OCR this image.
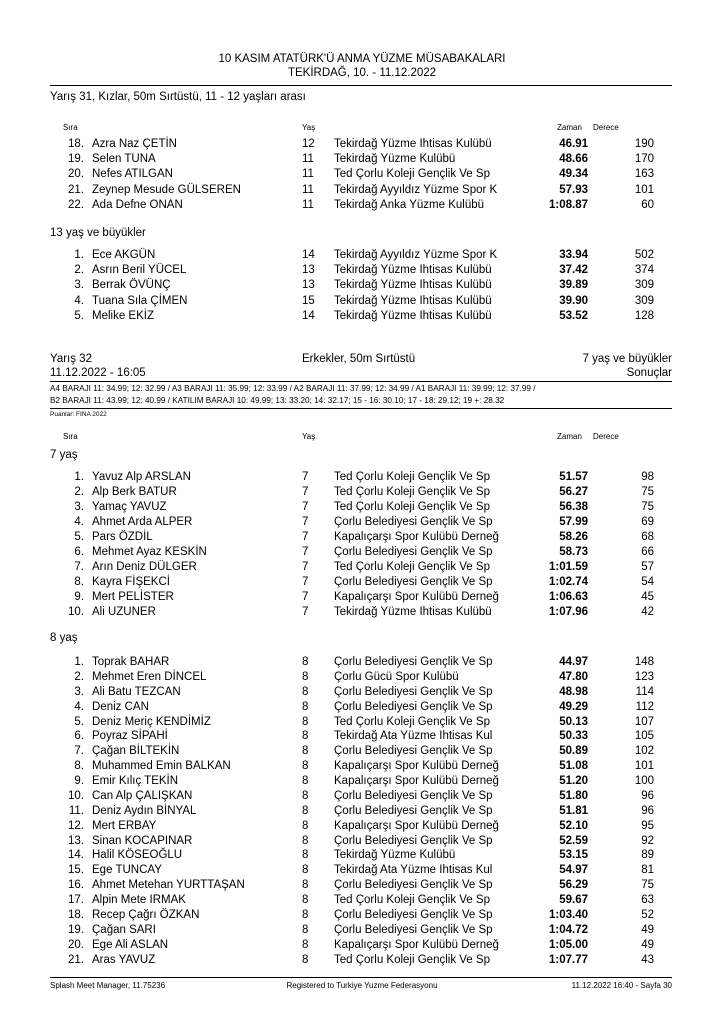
10 KASIM ATATÜRK'Ü ANMA YÜZME MÜSABAKALARI
TEKİRDAĞ, 10. - 11.12.2022
Yarış 31, Kızlar, 50m Sırtüstü, 11 - 12 yaşları arası
Sıra	Yaş	Zaman Derece
18. Azra Naz ÇETİN	12 Tekirdağ Yüzme Ihtisas Kulübü	46.91	190
19. Selen TUNA	11 Tekirdağ Yüzme Kulübü	48.66	170
20. Nefes ATILGAN	11 Ted Çorlu Koleji Gençlik Ve Sp	49.34	163
21. Zeynep Mesude GÜLSEREN	11 Tekirdağ Ayyıldız Yüzme Spor K	57.93	101
22. Ada Defne ONAN	11 Tekirdağ Anka Yüzme Kulübü	1:08.87	60
13 yaş ve büyükler
1. Ece AKGÜN	14 Tekirdağ Ayyıldız Yüzme Spor K	33.94	502
2. Asrın Beril YÜCEL	13 Tekirdağ Yüzme Ihtisas Kulübü	37.42	374
3. Berrak ÖVÜNÇ	13 Tekirdağ Yüzme Ihtisas Kulübü	39.89	309
4. Tuana Sıla ÇİMEN	15 Tekirdağ Yüzme Ihtisas Kulübü	39.90	309
5. Melike EKİZ	14 Tekirdağ Yüzme Ihtisas Kulübü	53.52	128
Yarış 32
11.12.2022 - 16:05
Erkekler, 50m Sırtüstü	7 yaş ve büyükler
Sonuçlar
A4 BARAJI 11: 34.99; 12: 32.99 / A3 BARAJI 11: 35.99; 12: 33.99 / A2 BARAJI 11: 37.99; 12: 34.99 / A1 BARAJI 11: 39.99; 12: 37.99 /
B2 BARAJI 11: 43.99; 12: 40.99 / KATILIM BARAJI 10: 49.99; 13: 33.20; 14: 32.17; 15 - 16: 30.10; 17 - 18: 29.12; 19 +: 28.32
Puanlar: FINA 2022
Sıra	Yaş	Zaman Derece
7 yaş
1. Yavuz Alp ARSLAN	7 Ted Çorlu Koleji Gençlik Ve Sp	51.57	98
2. Alp Berk BATUR	7 Ted Çorlu Koleji Gençlik Ve Sp	56.27	75
3. Yamaç YAVUZ	7 Ted Çorlu Koleji Gençlik Ve Sp	56.38	75
4. Ahmet Arda ALPER	7 Çorlu Belediyesi Gençlik Ve Sp	57.99	69
5. Pars ÖZDİL	7 Kapalıçarşı Spor Kulübü Derneğ	58.26	68
6. Mehmet Ayaz KESKİN	7 Çorlu Belediyesi Gençlik Ve Sp	58.73	66
7. Arın Deniz DÜLGER	7 Ted Çorlu Koleji Gençlik Ve Sp	1:01.59	57
8. Kayra FİŞEKCİ	7 Çorlu Belediyesi Gençlik Ve Sp	1:02.74	54
9. Mert PELİSTER	7 Kapalıçarşı Spor Kulübü Derneğ	1:06.63	45
10. Ali UZUNER	7 Tekirdağ Yüzme Ihtisas Kulübü	1:07.96	42
8 yaş
1. Toprak BAHAR	8 Çorlu Belediyesi Gençlik Ve Sp	44.97	148
2. Mehmet Eren DİNCEL	8 Çorlu Gücü Spor Kulübü	47.80	123
3. Ali Batu TEZCAN	8 Çorlu Belediyesi Gençlik Ve Sp	48.98	114
4. Deniz CAN	8 Çorlu Belediyesi Gençlik Ve Sp	49.29	112
5. Deniz Meriç KENDİMİZ	8 Ted Çorlu Koleji Gençlik Ve Sp	50.13	107
6. Poyraz SİPAHİ	8 Tekirdağ Ata Yüzme Ihtisas Kul	50.33	105
7. Çağan BİLTEKİN	8 Çorlu Belediyesi Gençlik Ve Sp	50.89	102
8. Muhammed Emin BALKAN	8 Kapalıçarşı Spor Kulübü Derneğ	51.08	101
9. Emir Kılıç TEKİN	8 Kapalıçarşı Spor Kulübü Derneğ	51.20	100
10. Can Alp ÇALIŞKAN	8 Çorlu Belediyesi Gençlik Ve Sp	51.80	96
11. Deniz Aydın BİNYAL	8 Çorlu Belediyesi Gençlik Ve Sp	51.81	96
12. Mert ERBAY	8 Kapalıçarşı Spor Kulübü Derneğ	52.10	95
13. Sinan KOCAPINAR	8 Çorlu Belediyesi Gençlik Ve Sp	52.59	92
14. Halil KÖSEOĞLU	8 Tekirdağ Yüzme Kulübü	53.15	89
15. Ege TUNCAY	8 Tekirdağ Ata Yüzme Ihtisas Kul	54.97	81
16. Ahmet Metehan YURTTAŞAN	8 Çorlu Belediyesi Gençlik Ve Sp	56.29	75
17. Alpin Mete IRMAK	8 Ted Çorlu Koleji Gençlik Ve Sp	59.67	63
18. Recep Çağrı ÖZKAN	8 Çorlu Belediyesi Gençlik Ve Sp	1:03.40	52
19. Çağan SARI	8 Çorlu Belediyesi Gençlik Ve Sp	1:04.72	49
20. Ege Ali ASLAN	8 Kapalıçarşı Spor Kulübü Derneğ	1:05.00	49
21. Aras YAVUZ	8 Ted Çorlu Koleji Gençlik Ve Sp	1:07.77	43
Splash Meet Manager, 11.75236	Registered to Turkiye Yuzme Federasyonu	11.12.2022 16:40 - Sayfa 30
